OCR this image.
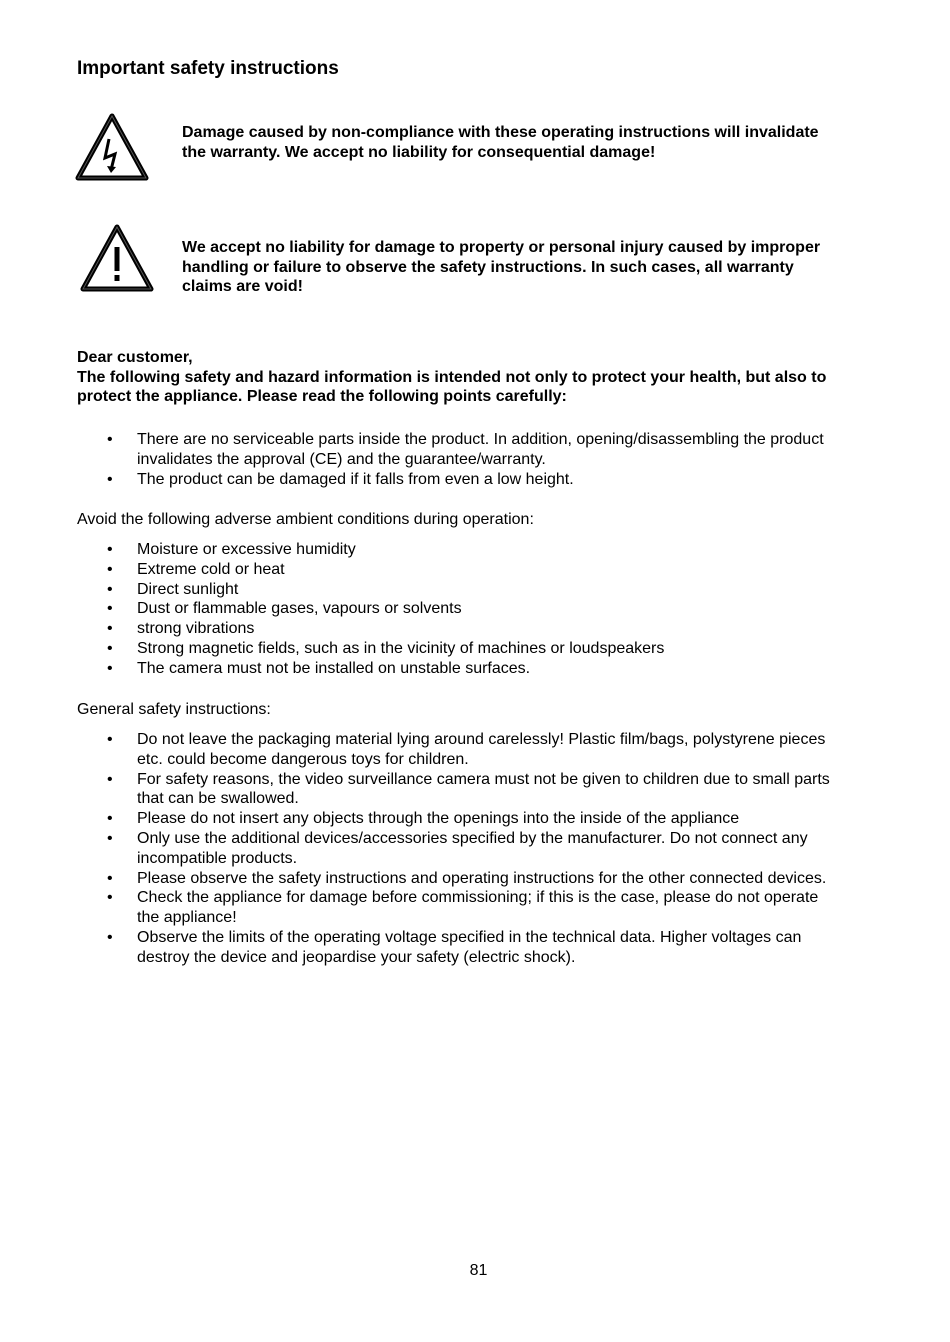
Important safety instructions
Damage caused by non-compliance with these operating instructions will invalidate the warranty. We accept no liability for consequential damage!
We accept no liability for damage to property or personal injury caused by improper handling or failure to observe the safety instructions. In such cases, all warranty claims are void!
Dear customer,
The following safety and hazard information is intended not only to protect your health, but also to protect the appliance. Please read the following points carefully:
• There are no serviceable parts inside the product. In addition, opening/disassembling the product invalidates the approval (CE) and the guarantee/warranty.
• The product can be damaged if it falls from even a low height.

Avoid the following adverse ambient conditions during operation:

• Moisture or excessive humidity
• Extreme cold or heat
• Direct sunlight
• Dust or flammable gases, vapours or solvents
• strong vibrations
• Strong magnetic fields, such as in the vicinity of machines or loudspeakers
• The camera must not be installed on unstable surfaces.

General safety instructions:

• Do not leave the packaging material lying around carelessly! Plastic film/bags, polystyrene pieces etc. could become dangerous toys for children.
• For safety reasons, the video surveillance camera must not be given to children due to small parts that can be swallowed.
• Please do not insert any objects through the openings into the inside of the appliance
• Only use the additional devices/accessories specified by the manufacturer. Do not connect any incompatible products.
• Please observe the safety instructions and operating instructions for the other connected devices.
• Check the appliance for damage before commissioning; if this is the case, please do not operate the appliance!
• Observe the limits of the operating voltage specified in the technical data. Higher voltages can destroy the device and jeopardise your safety (electric shock).
81
